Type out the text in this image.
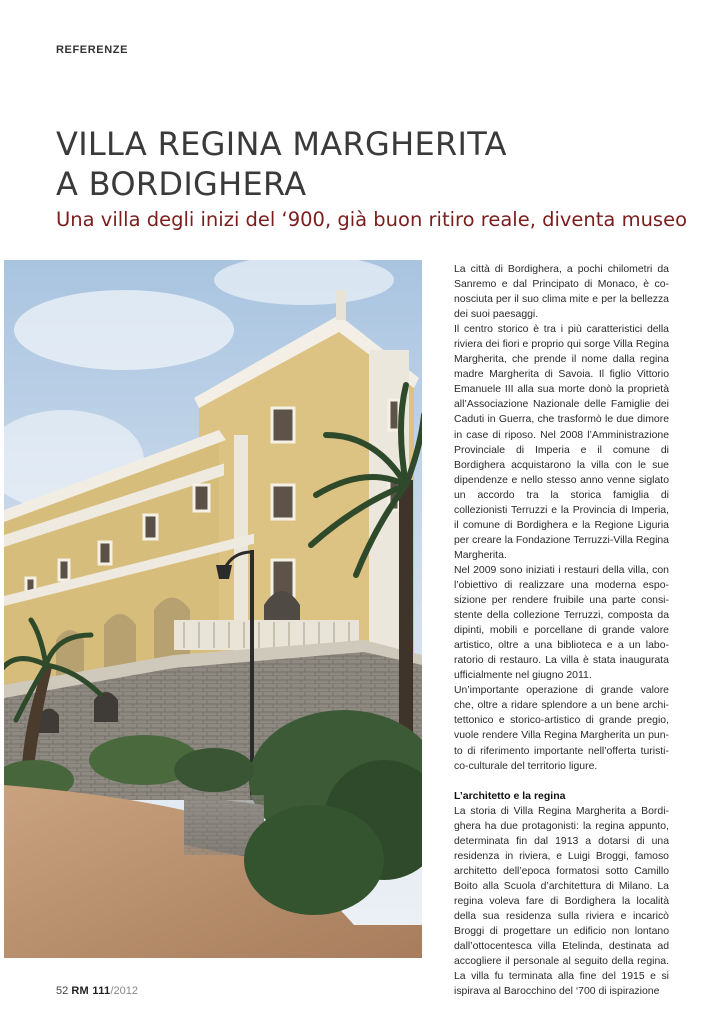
REFERENZE
VILLA REGINA MARGHERITA
A BORDIGHERA
Una villa degli inizi del ‘900, già buon ritiro reale, diventa museo

La città di Bordighera, a pochi chilometri da Sanremo e dal Principato di Monaco, è conosciuta per il suo clima mite e per la bellezza dei suoi paesaggi.

Il centro storico è tra i più caratteristici della riviera dei fiori e proprio qui sorge Villa Regina Margherita, che prende il nome dalla regina madre Margherita di Savoia. Il figlio Vittorio Emanuele III alla sua morte donò la proprietà all’Associazione Nazionale delle Famiglie dei Caduti in Guerra, che trasformò le due dimore in case di riposo. Nel 2008 l’Amministrazione Provinciale di Imperia e il comune di Bordighera acquistarono la villa con le sue dipendenze e nello stesso anno venne siglato un accordo tra la storica famiglia di collezionisti Terruzzi e la Provincia di Imperia, il comune di Bordighera e la Regione Liguria per creare la Fondazione Terruzzi-Villa Regina Margherita.

Nel 2009 sono iniziati i restauri della villa, con l’obiettivo di realizzare una moderna esposizione per rendere fruibile una parte consistente della collezione Terruzzi, composta da dipinti, mobili e porcellane di grande valore artistico, oltre a una biblioteca e a un laboratorio di restauro. La villa è stata inaugurata ufficialmente nel giugno 2011.

Un’importante operazione di grande valore che, oltre a ridare splendore a un bene architettonico e storico-artistico di grande pregio, vuole rendere Villa Regina Margherita un punto di riferimento importante nell’offerta turistico-culturale del territorio ligure.

L’architetto e la regina

La storia di Villa Regina Margherita a Bordighera ha due protagonisti: la regina appunto, determinata fin dal 1913 a dotarsi di una residenza in riviera, e Luigi Broggi, famoso architetto dell’epoca formatosi sotto Camillo Boito alla Scuola d’architettura di Milano. La regina voleva fare di Bordighera la località della sua residenza sulla riviera e incaricò Broggi di progettare un edificio non lontano dall’ottocentesca villa Etelinda, destinata ad accogliere il personale al seguito della regina. La villa fu terminata alla fine del 1915 e si ispirava al Barocchino del ‘700 di ispirazione

52 RM 111/2012
